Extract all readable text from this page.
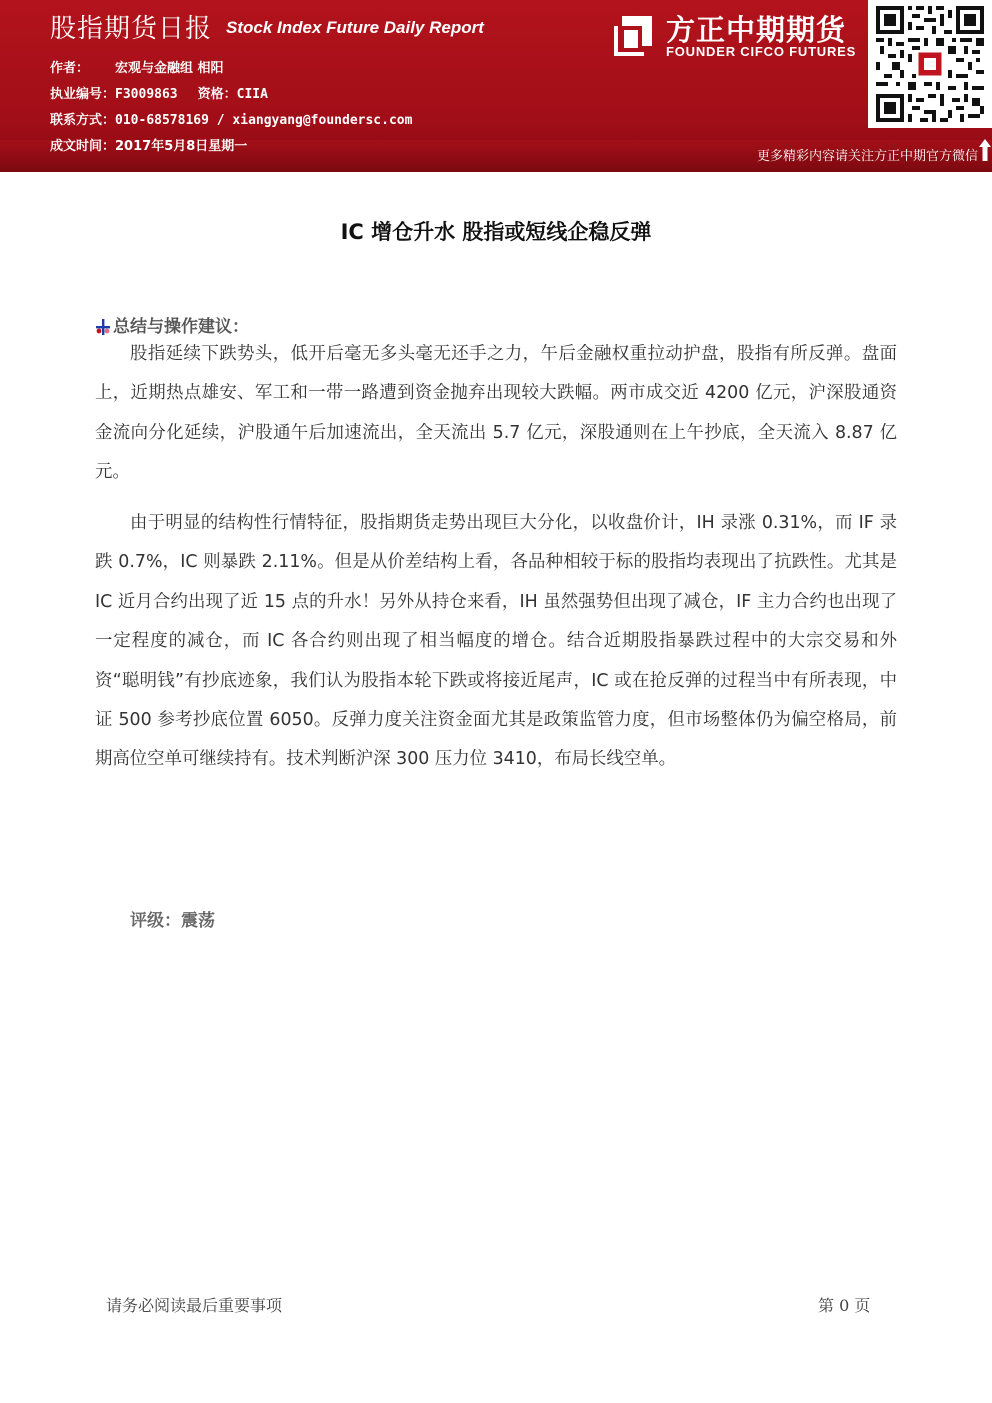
股指期货日报 Stock Index Future Daily Report
作者： 宏观与金融组 相阳
执业编号：F3009863 资格：CIIA
联系方式：010-68578169 / xiangyang@foundersc.com
成文时间：2017年5月8日星期一
方正中期期货
FOUNDER CIFCO FUTURES
更多精彩内容请关注方正中期官方微信
IC 增仓升水 股指或短线企稳反弹
总结与操作建议：

股指延续下跌势头，低开后毫无多头毫无还手之力，午后金融权重拉动护盘，股指有所反弹。盘面上，近期热点雄安、军工和一带一路遭到资金抛弃出现较大跌幅。两市成交近 4200 亿元，沪深股通资金流向分化延续，沪股通午后加速流出，全天流出 5.7 亿元，深股通则在上午抄底，全天流入 8.87 亿元。

由于明显的结构性行情特征，股指期货走势出现巨大分化，以收盘价计，IH 录涨 0.31%，而 IF 录跌 0.7%，IC 则暴跌 2.11%。但是从价差结构上看，各品种相较于标的股指均表现出了抗跌性。尤其是 IC 近月合约出现了近 15 点的升水！另外从持仓来看，IH 虽然强势但出现了减仓，IF 主力合约也出现了一定程度的减仓，而 IC 各合约则出现了相当幅度的增仓。结合近期股指暴跌过程中的大宗交易和外资“聪明钱”有抄底迹象，我们认为股指本轮下跌或将接近尾声，IC 或在抢反弹的过程当中有所表现，中证 500 参考抄底位置 6050。反弹力度关注资金面尤其是政策监管力度，但市场整体仍为偏空格局，前期高位空单可继续持有。技术判断沪深 300 压力位 3410，布局长线空单。

评级：震荡
请务必阅读最后重要事项	第 0 页
